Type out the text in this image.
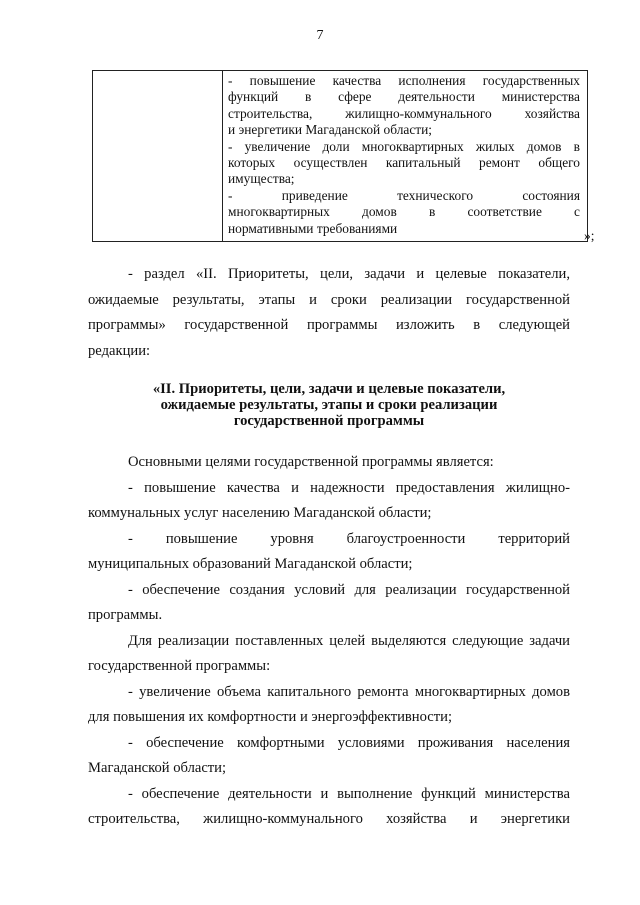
7
- повышение качества исполнения государственных
функций в сфере деятельности министерства
строительства, жилищно-коммунального хозяйства
и энергетики Магаданской области;
- увеличение доли многоквартирных жилых домов в
которых осуществлен капитальный ремонт общего
имущества;
- приведение технического состояния
многоквартирных домов в соответствие с
нормативными требованиями	»;
- раздел «II. Приоритеты, цели, задачи и целевые показатели,
ожидаемые результаты, этапы и сроки реализации государственной
программы» государственной программы изложить в следующей
редакции:
«II. Приоритеты, цели, задачи и целевые показатели,
ожидаемые результаты, этапы и сроки реализации
государственной программы
Основными целями государственной программы является:
- повышение качества и надежности предоставления жилищно-
коммунальных услуг населению Магаданской области;
- повышение уровня благоустроенности территорий
муниципальных образований Магаданской области;
- обеспечение создания условий для реализации государственной
программы.
Для реализации поставленных целей выделяются следующие задачи
государственной программы:
- увеличение объема капитального ремонта многоквартирных домов
для повышения их комфортности и энергоэффективности;
- обеспечение комфортными условиями проживания населения
Магаданской области;
- обеспечение деятельности и выполнение функций министерства
строительства, жилищно-коммунального хозяйства и энергетики
